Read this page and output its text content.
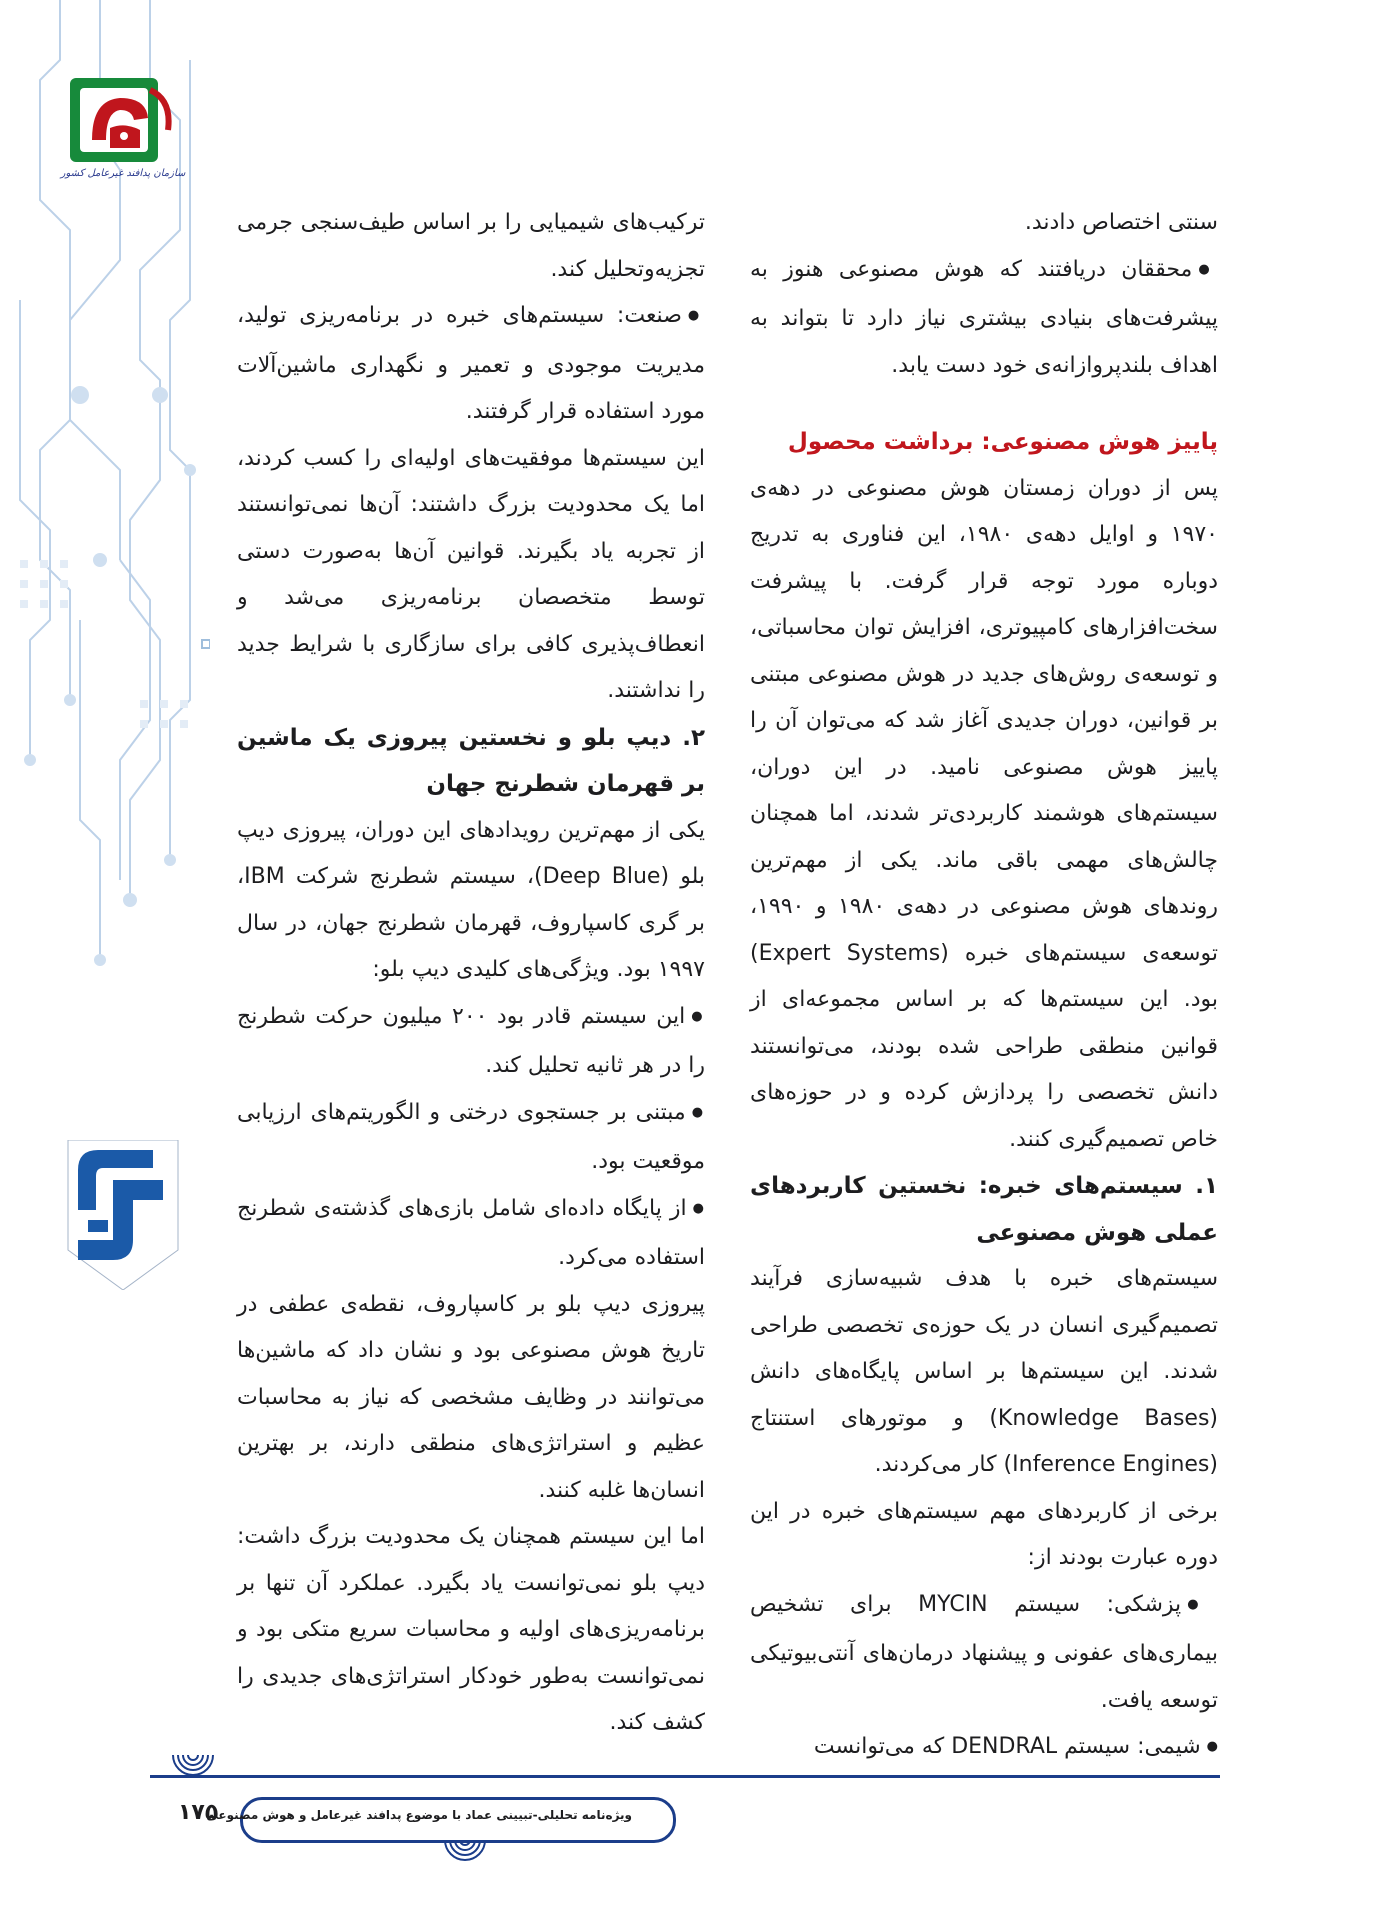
سازمان پدافند غیرعامل کشور

سنتی اختصاص دادند.

● محققان دریافتند که هوش مصنوعی هنوز به پیشرفت‌های بنیادی بیشتری نیاز دارد تا بتواند به اهداف بلندپروازانه‌ی خود دست یابد.

پاییز هوش مصنوعی: برداشت محصول

پس از دوران زمستان هوش مصنوعی در دهه‌ی ۱۹۷۰ و اوایل دهه‌ی ۱۹۸۰، این فناوری به تدریج دوباره مورد توجه قرار گرفت. با پیشرفت سخت‌افزارهای کامپیوتری، افزایش توان محاسباتی، و توسعه‌ی روش‌های جدید در هوش مصنوعی مبتنی بر قوانین، دوران جدیدی آغاز شد که می‌توان آن را پاییز هوش مصنوعی نامید. در این دوران، سیستم‌های هوشمند کاربردی‌تر شدند، اما همچنان چالش‌های مهمی باقی ماند. یکی از مهم‌ترین روندهای هوش مصنوعی در دهه‌ی ۱۹۸۰ و ۱۹۹۰، توسعه‌ی سیستم‌های خبره (Expert Systems) بود. این سیستم‌ها که بر اساس مجموعه‌ای از قوانین منطقی طراحی شده بودند، می‌توانستند دانش تخصصی را پردازش کرده و در حوزه‌های خاص تصمیم‌گیری کنند.

۱. سیستم‌های خبره: نخستین کاربردهای عملی هوش مصنوعی

سیستم‌های خبره با هدف شبیه‌سازی فرآیند تصمیم‌گیری انسان در یک حوزه‌ی تخصصی طراحی شدند. این سیستم‌ها بر اساس پایگاه‌های دانش (Knowledge Bases) و موتورهای استنتاج (Inference Engines) کار می‌کردند.

برخی از کاربردهای مهم سیستم‌های خبره در این دوره عبارت بودند از:

● پزشکی: سیستم MYCIN برای تشخیص بیماری‌های عفونی و پیشنهاد درمان‌های آنتی‌بیوتیکی توسعه یافت.

● شیمی: سیستم DENDRAL که می‌توانست

ترکیب‌های شیمیایی را بر اساس طیف‌سنجی جرمی تجزیه‌وتحلیل کند.

● صنعت: سیستم‌های خبره در برنامه‌ریزی تولید، مدیریت موجودی و تعمیر و نگهداری ماشین‌آلات مورد استفاده قرار گرفتند.

این سیستم‌ها موفقیت‌های اولیه‌ای را کسب کردند، اما یک محدودیت بزرگ داشتند: آن‌ها نمی‌توانستند از تجربه یاد بگیرند. قوانین آن‌ها به‌صورت دستی توسط متخصصان برنامه‌ریزی می‌شد و انعطاف‌پذیری کافی برای سازگاری با شرایط جدید را نداشتند.

۲. دیپ بلو و نخستین پیروزی یک ماشین بر قهرمان شطرنج جهان

یکی از مهم‌ترین رویدادهای این دوران، پیروزی دیپ بلو (Deep Blue)، سیستم شطرنج شرکت IBM، بر گری کاسپاروف، قهرمان شطرنج جهان، در سال ۱۹۹۷ بود. ویژگی‌های کلیدی دیپ بلو:

● این سیستم قادر بود ۲۰۰ میلیون حرکت شطرنج را در هر ثانیه تحلیل کند.

● مبتنی بر جستجوی درختی و الگوریتم‌های ارزیابی موقعیت بود.

● از پایگاه داده‌ای شامل بازی‌های گذشته‌ی شطرنج استفاده می‌کرد.

پیروزی دیپ بلو بر کاسپاروف، نقطه‌ی عطفی در تاریخ هوش مصنوعی بود و نشان داد که ماشین‌ها می‌توانند در وظایف مشخصی که نیاز به محاسبات عظیم و استراتژی‌های منطقی دارند، بر بهترین انسان‌ها غلبه کنند.

اما این سیستم همچنان یک محدودیت بزرگ داشت: دیپ بلو نمی‌توانست یاد بگیرد. عملکرد آن تنها بر برنامه‌ریزی‌های اولیه و محاسبات سریع متکی بود و نمی‌توانست به‌طور خودکار استراتژی‌های جدیدی را کشف کند.

ویژه‌نامه تحلیلی-تبیینی عماد با موضوع پدافند غیرعامل و هوش مصنوعی
۱۷۵
